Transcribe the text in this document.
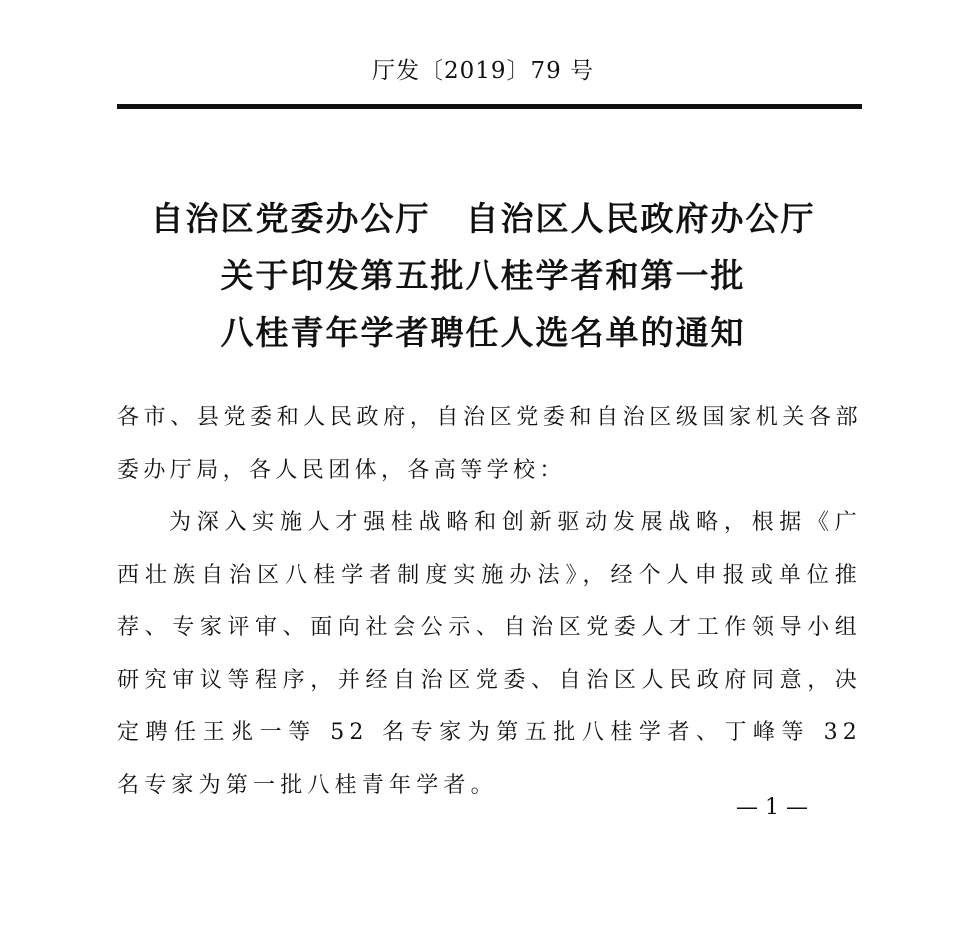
厅发〔2019〕79 号
自治区党委办公厅　自治区人民政府办公厅
关于印发第五批八桂学者和第一批
八桂青年学者聘任人选名单的通知

各市、县党委和人民政府，自治区党委和自治区级国家机关各部委办厅局，各人民团体，各高等学校：

为深入实施人才强桂战略和创新驱动发展战略，根据《广西壮族自治区八桂学者制度实施办法》，经个人申报或单位推荐、专家评审、面向社会公示、自治区党委人才工作领导小组研究审议等程序，并经自治区党委、自治区人民政府同意，决定聘任王兆一等 52 名专家为第五批八桂学者、丁峰等 32 名专家为第一批八桂青年学者。

— 1 —
